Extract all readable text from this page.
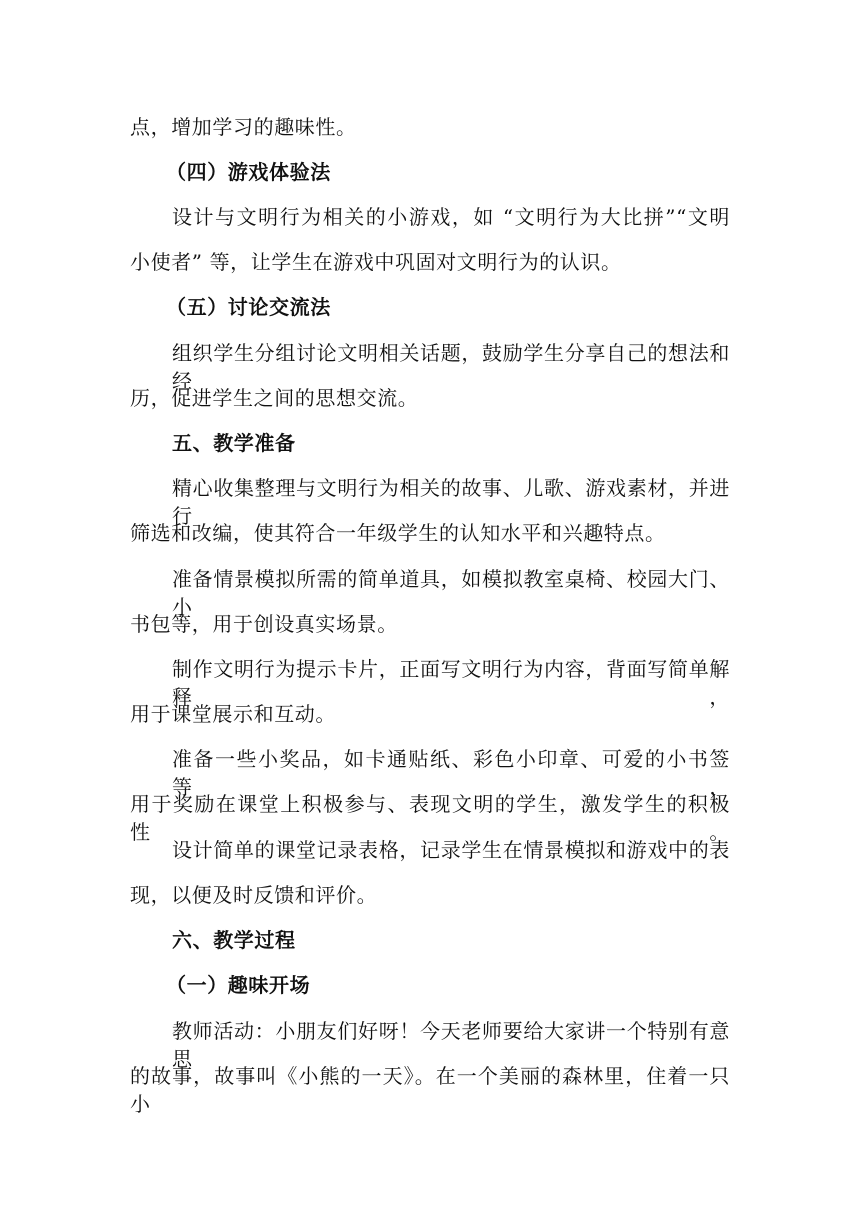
点，增加学习的趣味性。
（四）游戏体验法
设计与文明行为相关的小游戏，如 “文明行为大比拼”“文明
小使者” 等，让学生在游戏中巩固对文明行为的认识。
（五）讨论交流法
组织学生分组讨论文明相关话题，鼓励学生分享自己的想法和经
历，促进学生之间的思想交流。
五、教学准备
精心收集整理与文明行为相关的故事、儿歌、游戏素材，并进行
筛选和改编，使其符合一年级学生的认知水平和兴趣特点。
准备情景模拟所需的简单道具，如模拟教室桌椅、校园大门、小
书包等，用于创设真实场景。
制作文明行为提示卡片，正面写文明行为内容，背面写简单解释，
用于课堂展示和互动。
准备一些小奖品，如卡通贴纸、彩色小印章、可爱的小书签等，
用于奖励在课堂上积极参与、表现文明的学生，激发学生的积极性。
设计简单的课堂记录表格，记录学生在情景模拟和游戏中的表
现，以便及时反馈和评价。
六、教学过程
（一）趣味开场
教师活动：小朋友们好呀！今天老师要给大家讲一个特别有意思
的故事，故事叫《小熊的一天》。在一个美丽的森林里，住着一只小
